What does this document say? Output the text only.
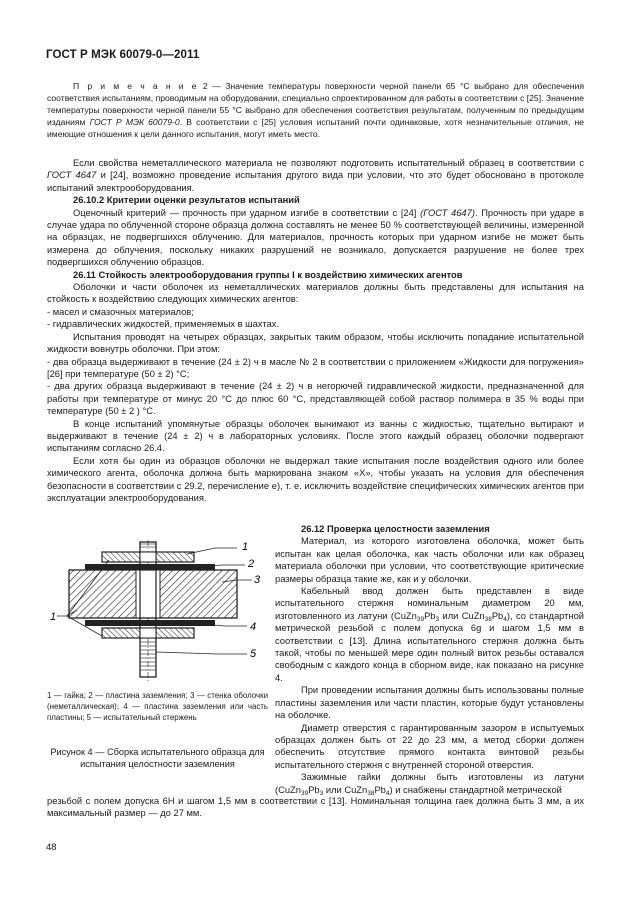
ГОСТ Р МЭК 60079-0—2011

П р и м е ч а н и е 2 — Значение температуры поверхности черной панели 65 °С выбрано для обеспечения соответствия испытаниям, проводимым на оборудовании, специально спроектированном для работы в соответствии с [25]. Значение температуры поверхности черной панели 55 °С выбрано для обеспечения соответствия результатам, полученным по предыдущим изданиям ГОСТ Р МЭК 60079-0. В соответствии с [25] условия испытаний почти одинаковые, хотя незначительные отличия, не имеющие отношения к цели данного испытания, могут иметь место.

Если свойства неметаллического материала не позволяют подготовить испытательный образец в соответствии с ГОСТ 4647 и [24], возможно проведение испытания другого вида при условии, что это будет обосновано в протоколе испытаний электрооборудования.

26.10.2 Критерии оценки результатов испытаний

Оценочный критерий — прочность при ударном изгибе в соответствии с [24] (ГОСТ 4647). Прочность при ударе в случае удара по облученной стороне образца должна составлять не менее 50 % соответствующей величины, измеренной на образцах, не подвергшихся облучению. Для материалов, прочность которых при ударном изгибе не может быть измерена до облучения, поскольку никаких разрушений не возникало, допускается разрушение не более трех подвергшихся облучению образцов.

26.11 Стойкость электрооборудования группы I к воздействию химических агентов

Оболочки и части оболочек из неметаллических материалов должны быть представлены для испытания на стойкость к воздействию следующих химических агентов:

- масел и смазочных материалов;

- гидравлических жидкостей, применяемых в шахтах.

Испытания проводят на четырех образцах, закрытых таким образом, чтобы исключить попадание испытательной жидкости вовнутрь оболочки. При этом:

- два образца выдерживают в течение (24 ± 2) ч в масле № 2 в соответствии с приложением «Жидкости для погружения» [26] при температуре (50 ± 2) °С;

- два других образца выдерживают в течение (24 ± 2) ч в негорючей гидравлической жидкости, предназначенной для работы при температуре от минус 20 °С до плюс 60 °С, представляющей собой раствор полимера в 35 % воды при температуре (50 ± 2 ) °С.

В конце испытаний упомянутые образцы оболочек вынимают из ванны с жидкостью, тщательно вытирают и выдерживают в течение (24 ± 2) ч в лабораторных условиях. После этого каждый образец оболочки подвергают испытаниям согласно 26.4.

Если хотя бы один из образцов оболочки не выдержал такие испытания после воздействия одного или более химического агента, оболочка должна быть маркирована знаком «Х», чтобы указать на условия для обеспечения безопасности в соответствии с 29.2, перечисление е), т. е. исключить воздействие специфических химических агентов при эксплуатации электрооборудования.

1
2
3
1
4
5
1 — гайка; 2 — пластина заземления; 3 — стенка оболочки (неметаллическая); 4 — пластина заземления или часть пластины; 5 — испытательный стержень
Рисунок 4 — Сборка испытательного образца для испытания целостности заземления

26.12 Проверка целостности заземления

Материал, из которого изготовлена оболочка, может быть испытан как целая оболочка, как часть оболочки или как образец материала оболочки при условии, что соответствующие критические размеры образца такие же, как и у оболочки.

Кабельный ввод должен быть представлен в виде испытательного стержня номинальным диаметром 20 мм, изготовленного из латуни ($CuZn_{39}Pb_3$ или $CuZn_{38}Pb_4$), со стандартной метрической резьбой с полем допуска 6g и шагом 1,5 мм в соответствии с [13]. Длина испытательного стержня должна быть такой, чтобы по меньшей мере один полный виток резьбы оставался свободным с каждого конца в сборном виде, как показано на рисунке 4.

При проведении испытания должны быть использованы полные пластины заземления или части пластин, которые будут установлены на оболочке.

Диаметр отверстия с гарантированным зазором в испытуемых образцах должен быть от 22 до 23 мм, а метод сборки должен обеспечить отсутствие прямого контакта винтовой резьбы испытательного стержня с внутренней стороной отверстия.

Зажимные гайки должны быть изготовлены из латуни ($CuZn_{39}Pb_3$ или $CuZn_{38}Pb_4$) и снабжены стандартной метрической

резьбой с полем допуска 6Н и шагом 1,5 мм в соответствии с [13]. Номинальная толщина гаек должна быть 3 мм, а их максимальный размер — до 27 мм.
48
